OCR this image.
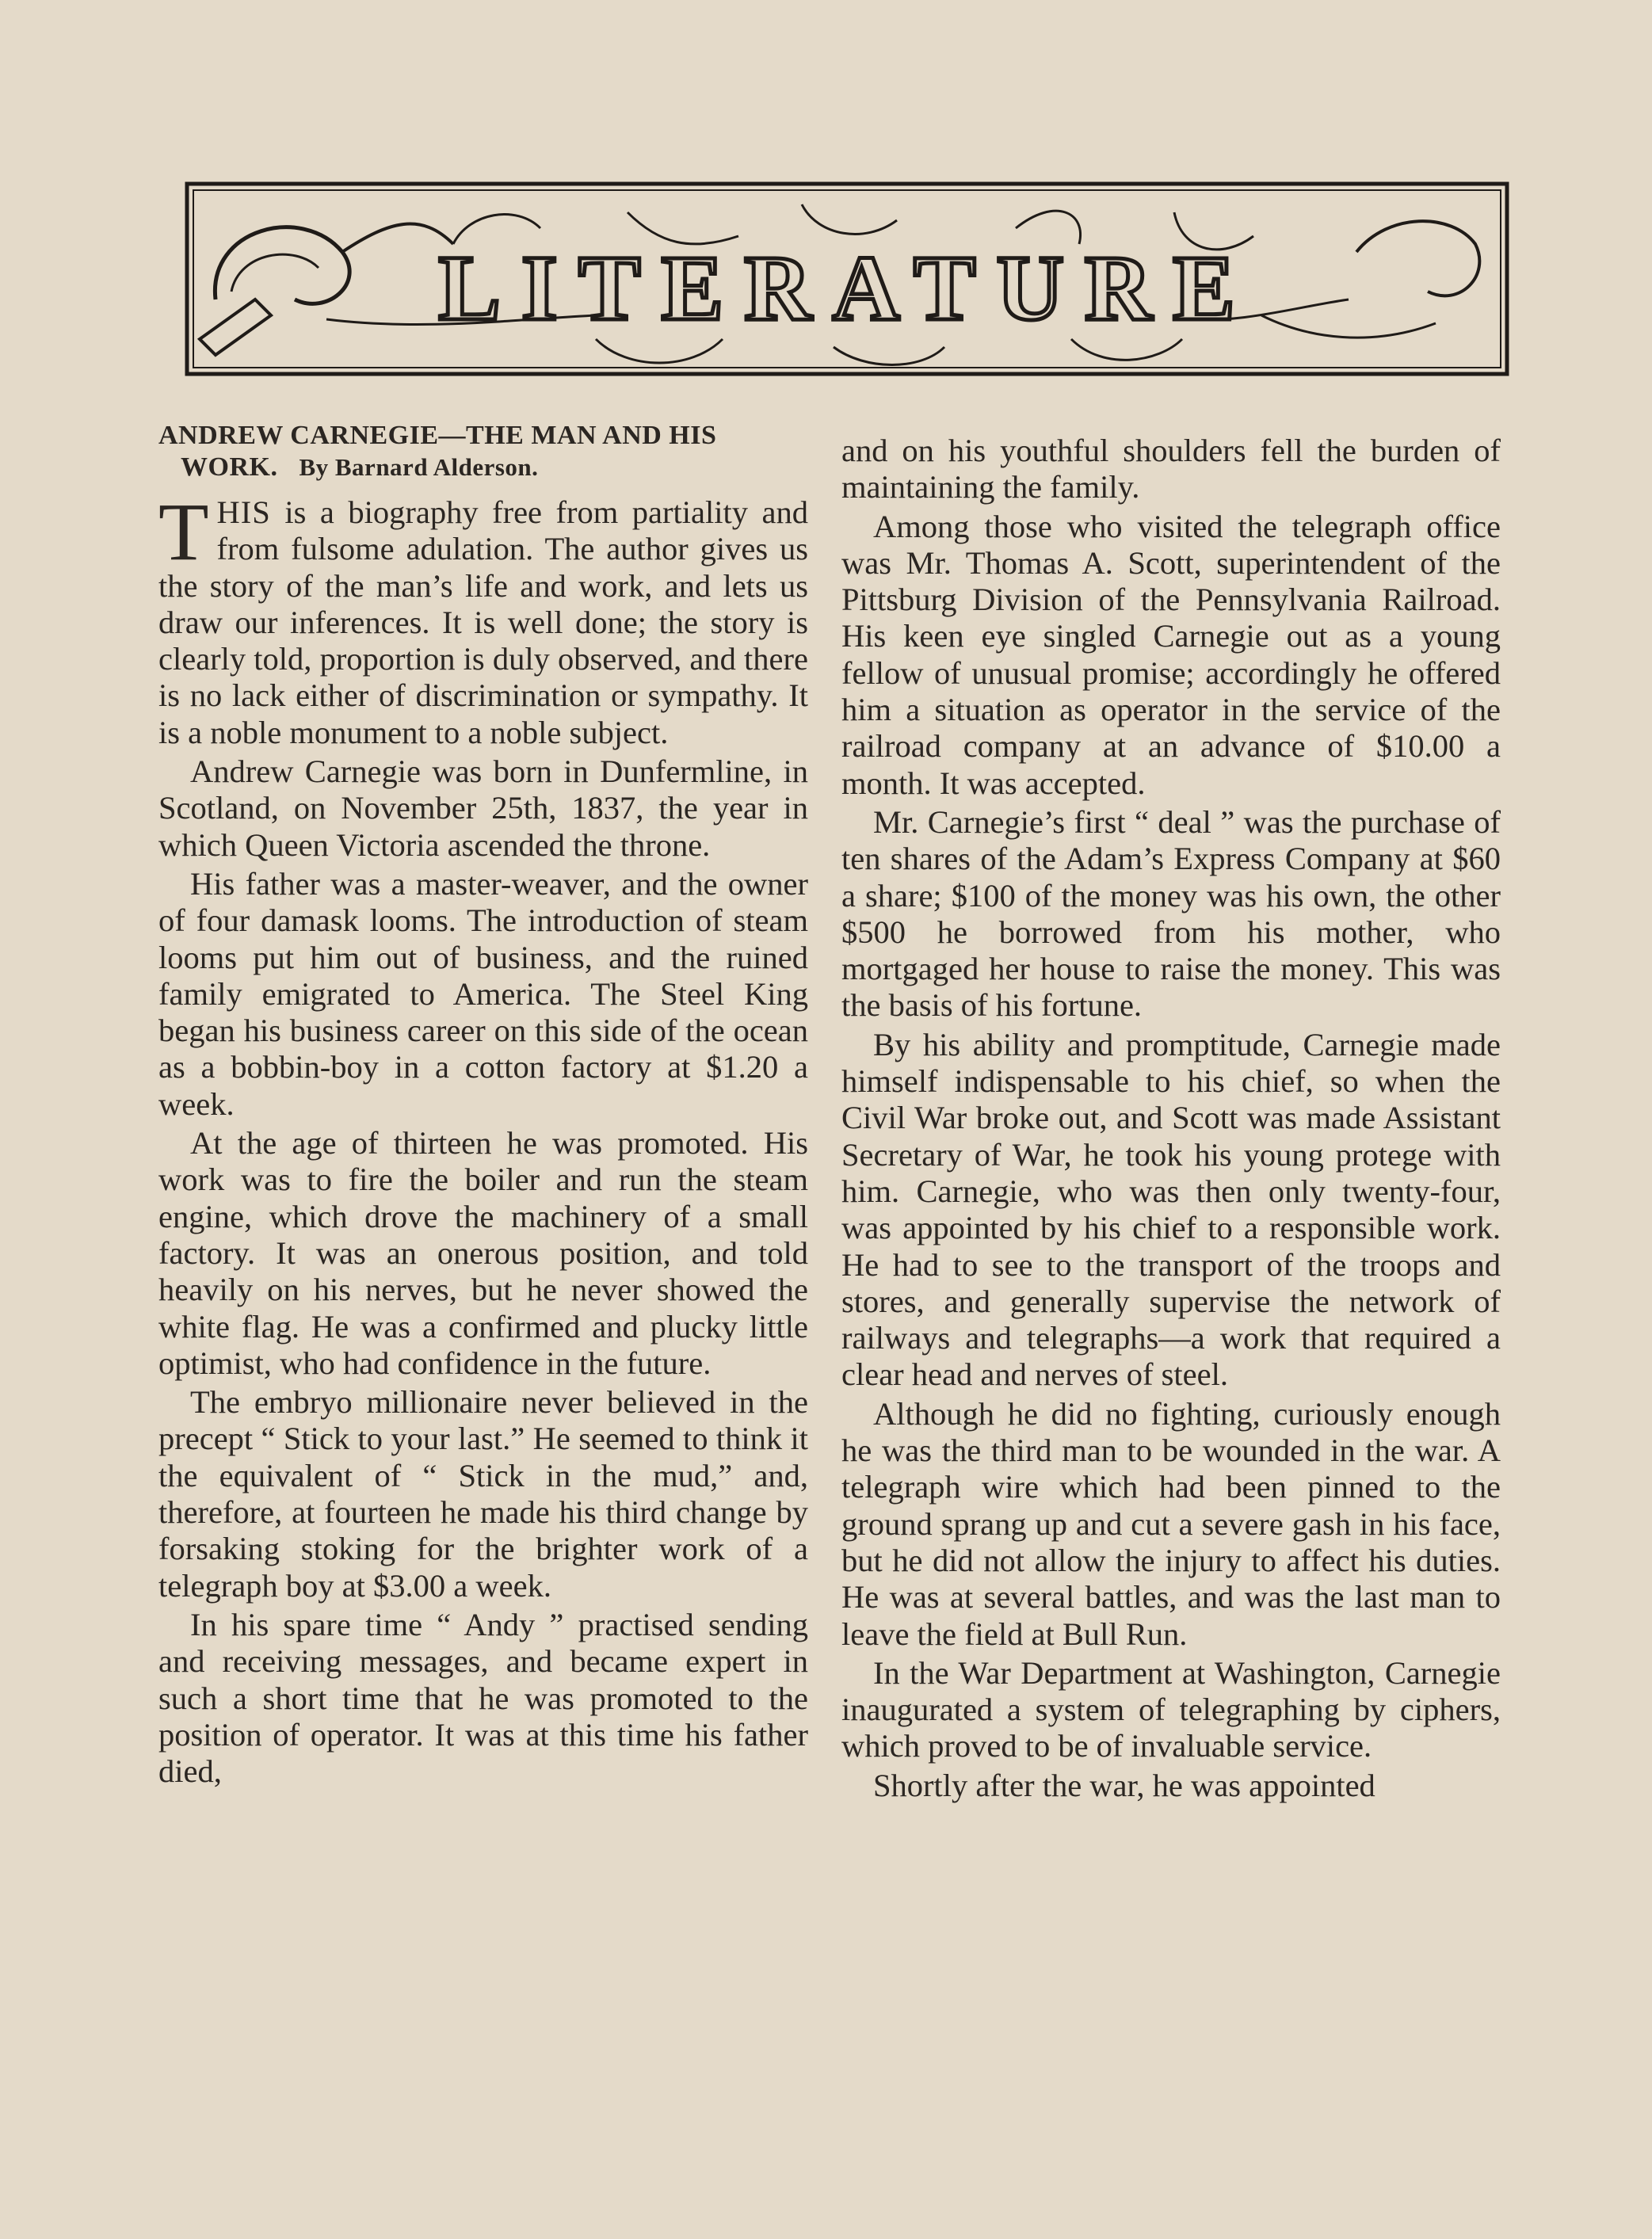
LITERATURE
ANDREW CARNEGIE—THE MAN AND HIS WORK. By Barnard Alderson.

THIS is a biography free from partiality and from fulsome adulation. The author gives us the story of the man’s life and work, and lets us draw our inferences. It is well done; the story is clearly told, proportion is duly observed, and there is no lack either of discrimination or sympathy. It is a noble monument to a noble subject.

Andrew Carnegie was born in Dunfermline, in Scotland, on November 25th, 1837, the year in which Queen Victoria ascended the throne.

His father was a master-weaver, and the owner of four damask looms. The introduction of steam looms put him out of business, and the ruined family emigrated to America. The Steel King began his business career on this side of the ocean as a bobbin-boy in a cotton factory at $1.20 a week.

At the age of thirteen he was promoted. His work was to fire the boiler and run the steam engine, which drove the machinery of a small factory. It was an onerous position, and told heavily on his nerves, but he never showed the white flag. He was a confirmed and plucky little optimist, who had confidence in the future.

The embryo millionaire never believed in the precept “ Stick to your last.” He seemed to think it the equivalent of “ Stick in the mud,” and, therefore, at fourteen he made his third change by forsaking stoking for the brighter work of a telegraph boy at $3.00 a week.

In his spare time “ Andy ” practised sending and receiving messages, and became expert in such a short time that he was promoted to the position of operator. It was at this time his father died,

and on his youthful shoulders fell the burden of maintaining the family.

Among those who visited the telegraph office was Mr. Thomas A. Scott, superintendent of the Pittsburg Division of the Pennsylvania Railroad. His keen eye singled Carnegie out as a young fellow of unusual promise; accordingly he offered him a situation as operator in the service of the railroad company at an advance of $10.00 a month. It was accepted.

Mr. Carnegie’s first “ deal ” was the purchase of ten shares of the Adam’s Express Company at $60 a share; $100 of the money was his own, the other $500 he borrowed from his mother, who mortgaged her house to raise the money. This was the basis of his fortune.

By his ability and promptitude, Carnegie made himself indispensable to his chief, so when the Civil War broke out, and Scott was made Assistant Secretary of War, he took his young protege with him. Carnegie, who was then only twenty-four, was appointed by his chief to a responsible work. He had to see to the transport of the troops and stores, and generally supervise the network of railways and telegraphs—a work that required a clear head and nerves of steel.

Although he did no fighting, curiously enough he was the third man to be wounded in the war. A telegraph wire which had been pinned to the ground sprang up and cut a severe gash in his face, but he did not allow the injury to affect his duties. He was at several battles, and was the last man to leave the field at Bull Run.

In the War Department at Washington, Carnegie inaugurated a system of telegraphing by ciphers, which proved to be of invaluable service.

Shortly after the war, he was appointed
